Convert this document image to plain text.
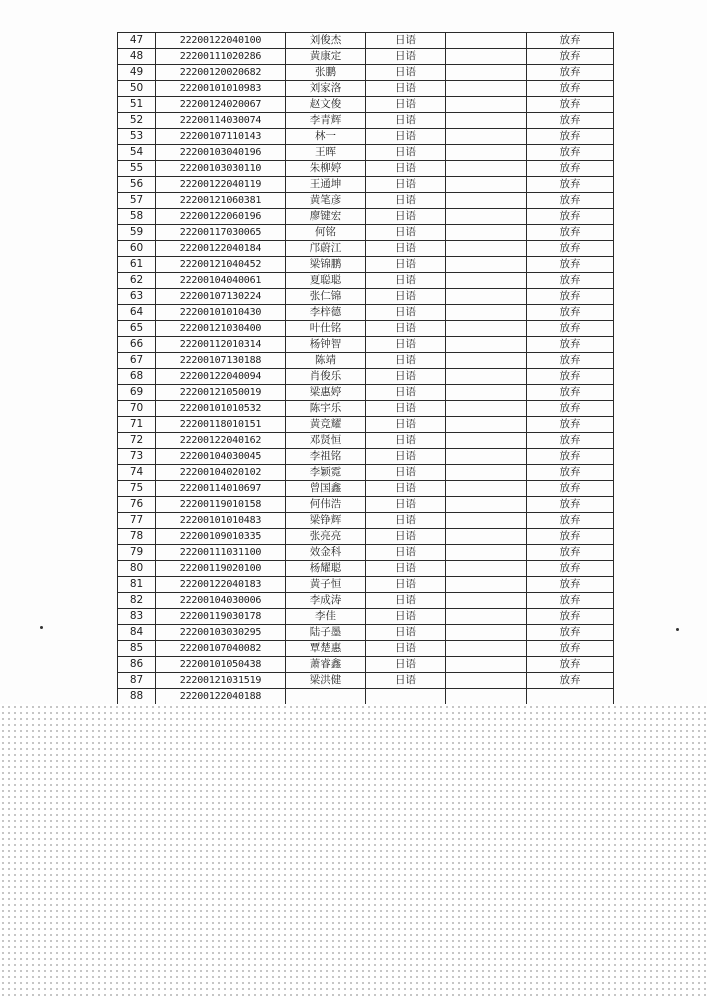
47	22200122040100	刘俊杰	日语		放弃
48	22200111020286	黄康定	日语		放弃
49	22200120020682	张鹏	日语		放弃
50	22200101010983	刘家洛	日语		放弃
51	22200124020067	赵文俊	日语		放弃
52	22200114030074	李青辉	日语		放弃
53	22200107110143	林一	日语		放弃
54	22200103040196	王晖	日语		放弃
55	22200103030110	朱柳婷	日语		放弃
56	22200122040119	王通坤	日语		放弃
57	22200121060381	黄笔彦	日语		放弃
58	22200122060196	廖键宏	日语		放弃
59	22200117030065	何铭	日语		放弃
60	22200122040184	邝蔚江	日语		放弃
61	22200121040452	梁锦鹏	日语		放弃
62	22200104040061	夏聪聪	日语		放弃
63	22200107130224	张仁锦	日语		放弃
64	22200101010430	李梓德	日语		放弃
65	22200121030400	叶仕铭	日语		放弃
66	22200112010314	杨钟智	日语		放弃
67	22200107130188	陈靖	日语		放弃
68	22200122040094	肖俊乐	日语		放弃
69	22200121050019	梁惠婷	日语		放弃
70	22200101010532	陈宇乐	日语		放弃
71	22200118010151	黄竞耀	日语		放弃
72	22200122040162	邓贤恒	日语		放弃
73	22200104030045	李祖铭	日语		放弃
74	22200104020102	李颖霓	日语		放弃
75	22200114010697	曾国鑫	日语		放弃
76	22200119010158	何伟浩	日语		放弃
77	22200101010483	梁铮辉	日语		放弃
78	22200109010335	张亮亮	日语		放弃
79	22200111031100	效金科	日语		放弃
80	22200119020100	杨耀聪	日语		放弃
81	22200122040183	黄子恒	日语		放弃
82	22200104030006	李成涛	日语		放弃
83	22200119030178	李佳	日语		放弃
84	22200103030295	陆子墨	日语		放弃
85	22200107040082	覃楚惠	日语		放弃
86	22200101050438	萧睿鑫	日语		放弃
87	22200121031519	梁洪健	日语		放弃
88	22200122040188				
